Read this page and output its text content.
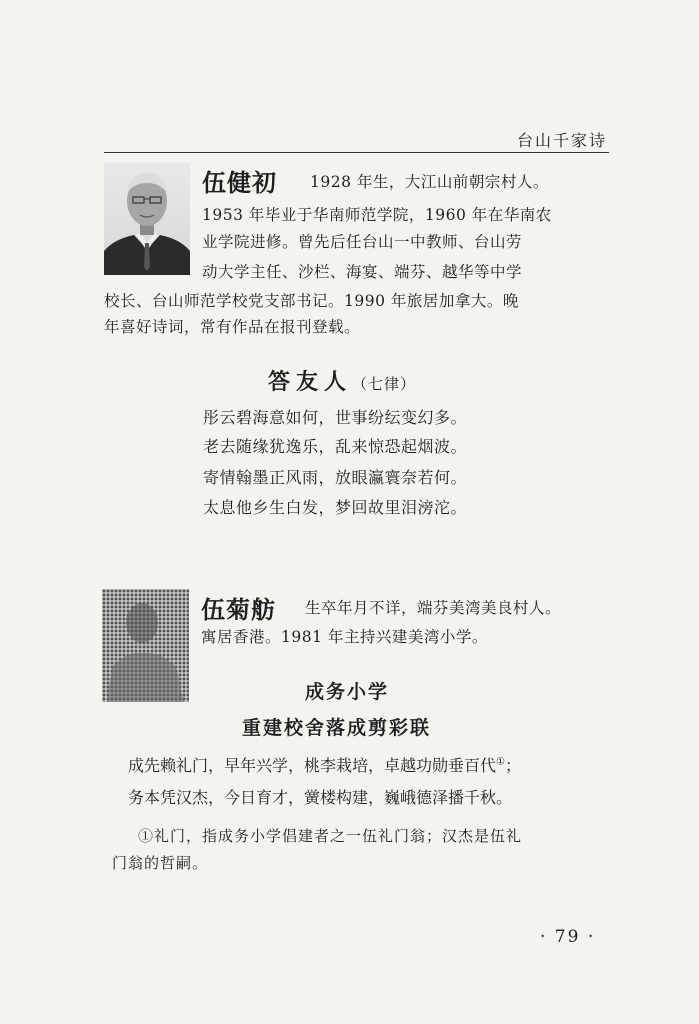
台山千家诗
伍健初 1928 年生，大江山前朝宗村人。
1953 年毕业于华南师范学院，1960 年在华南农
业学院进修。曾先后任台山一中教师、台山劳
动大学主任、沙栏、海宴、端芬、越华等中学
校长、台山师范学校党支部书记。1990 年旅居加拿大。晚
年喜好诗词，常有作品在报刊登载。
答友人（七律）
彤云碧海意如何，世事纷纭变幻多。
老去随缘犹逸乐，乱来惊恐起烟波。
寄情翰墨正风雨，放眼瀛寰奈若何。
太息他乡生白发，梦回故里泪滂沱。
伍菊舫 生卒年月不详，端芬美湾美良村人。
寓居香港。1981 年主持兴建美湾小学。
成务小学
重建校舍落成剪彩联
成先赖礼门，早年兴学，桃李栽培，卓越功勋垂百代①；
务本凭汉杰，今日育才，黉楼构建，巍峨德泽播千秋。
①礼门，指成务小学倡建者之一伍礼门翁；汉杰是伍礼
门翁的哲嗣。
· 79 ·
